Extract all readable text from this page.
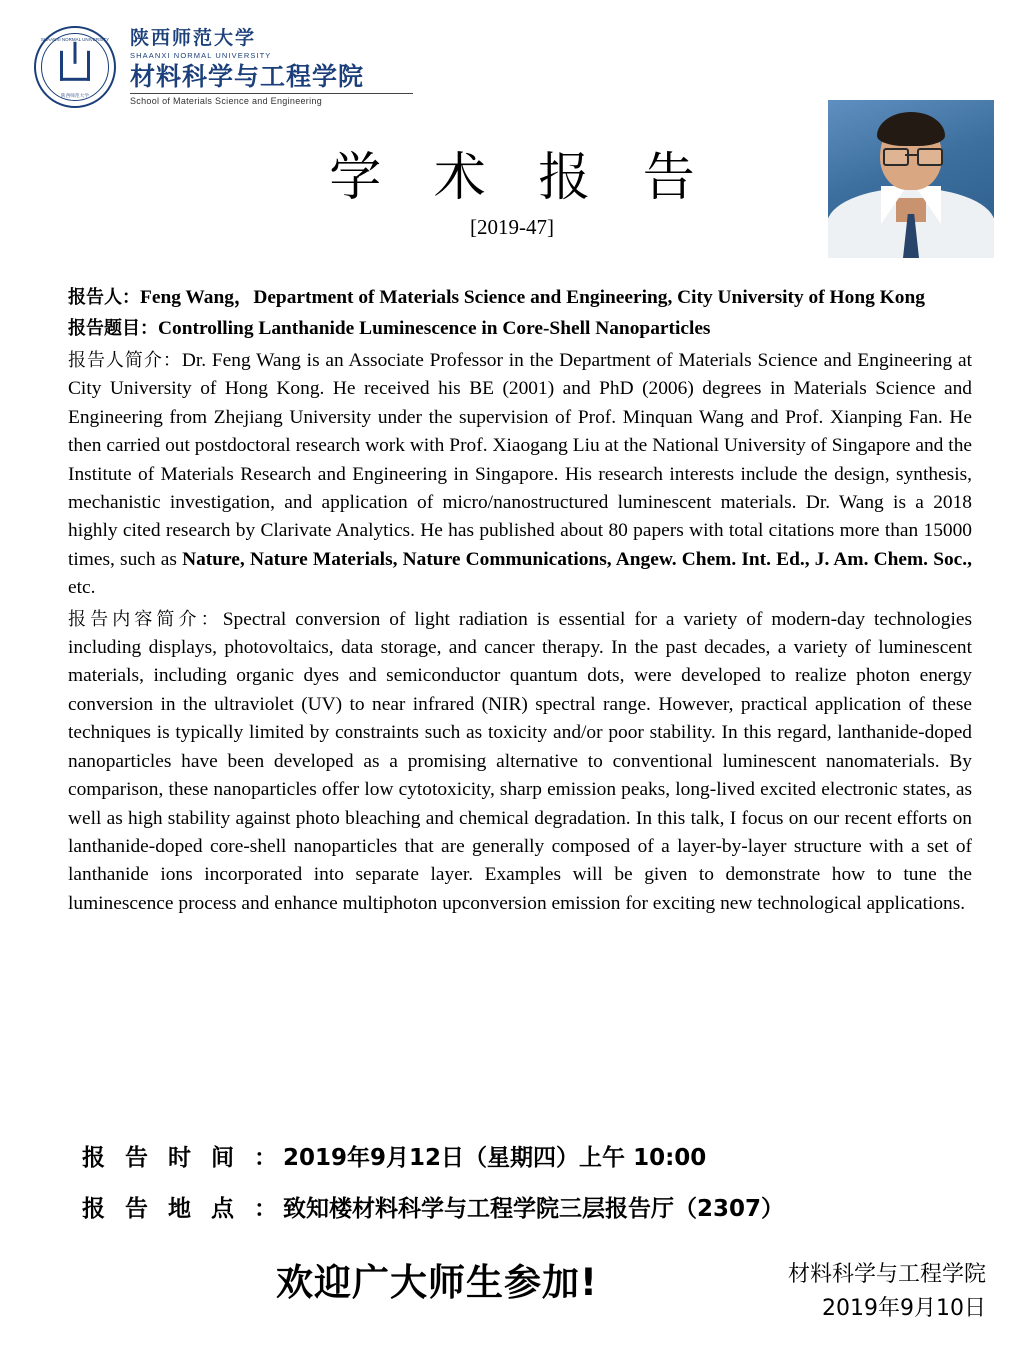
SHAANXI NORMAL UNIVERSITY
陕西师范大学
陕西师范大学
SHAANXI NORMAL UNIVERSITY
材料科学与工程学院
School of Materials Science and Engineering
学 术 报 告
[2019-47]

报告人：Feng Wang，Department of Materials Science and Engineering, City University of Hong Kong

报告题目：Controlling Lanthanide Luminescence in Core-Shell Nanoparticles

报告人简介：Dr. Feng Wang is an Associate Professor in the Department of Materials Science and Engineering at City University of Hong Kong. He received his BE (2001) and PhD (2006) degrees in Materials Science and Engineering from Zhejiang University under the supervision of Prof. Minquan Wang and Prof. Xianping Fan. He then carried out postdoctoral research work with Prof. Xiaogang Liu at the National University of Singapore and the Institute of Materials Research and Engineering in Singapore. His research interests include the design, synthesis, mechanistic investigation, and application of micro/nanostructured luminescent materials. Dr. Wang is a 2018 highly cited research by Clarivate Analytics. He has published about 80 papers with total citations more than 15000 times, such as Nature, Nature Materials, Nature Communications, Angew. Chem. Int. Ed., J. Am. Chem. Soc., etc.

报告内容简介：Spectral conversion of light radiation is essential for a variety of modern-day technologies including displays, photovoltaics, data storage, and cancer therapy. In the past decades, a variety of luminescent materials, including organic dyes and semiconductor quantum dots, were developed to realize photon energy conversion in the ultraviolet (UV) to near infrared (NIR) spectral range. However, practical application of these techniques is typically limited by constraints such as toxicity and/or poor stability. In this regard, lanthanide-doped nanoparticles have been developed as a promising alternative to conventional luminescent nanomaterials. By comparison, these nanoparticles offer low cytotoxicity, sharp emission peaks, long-lived excited electronic states, as well as high stability against photo bleaching and chemical degradation. In this talk, I focus on our recent efforts on lanthanide-doped core-shell nanoparticles that are generally composed of a layer-by-layer structure with a set of lanthanide ions incorporated into separate layer. Examples will be given to demonstrate how to tune the luminescence process and enhance multiphoton upconversion emission for exciting new technological applications.

报 告 时 间 ：2019年9月12日（星期四）上午 10:00
报 告 地 点 ：致知楼材料科学与工程学院三层报告厅（2307）
欢迎广大师生参加!	材料科学与工程学院
2019年9月10日
